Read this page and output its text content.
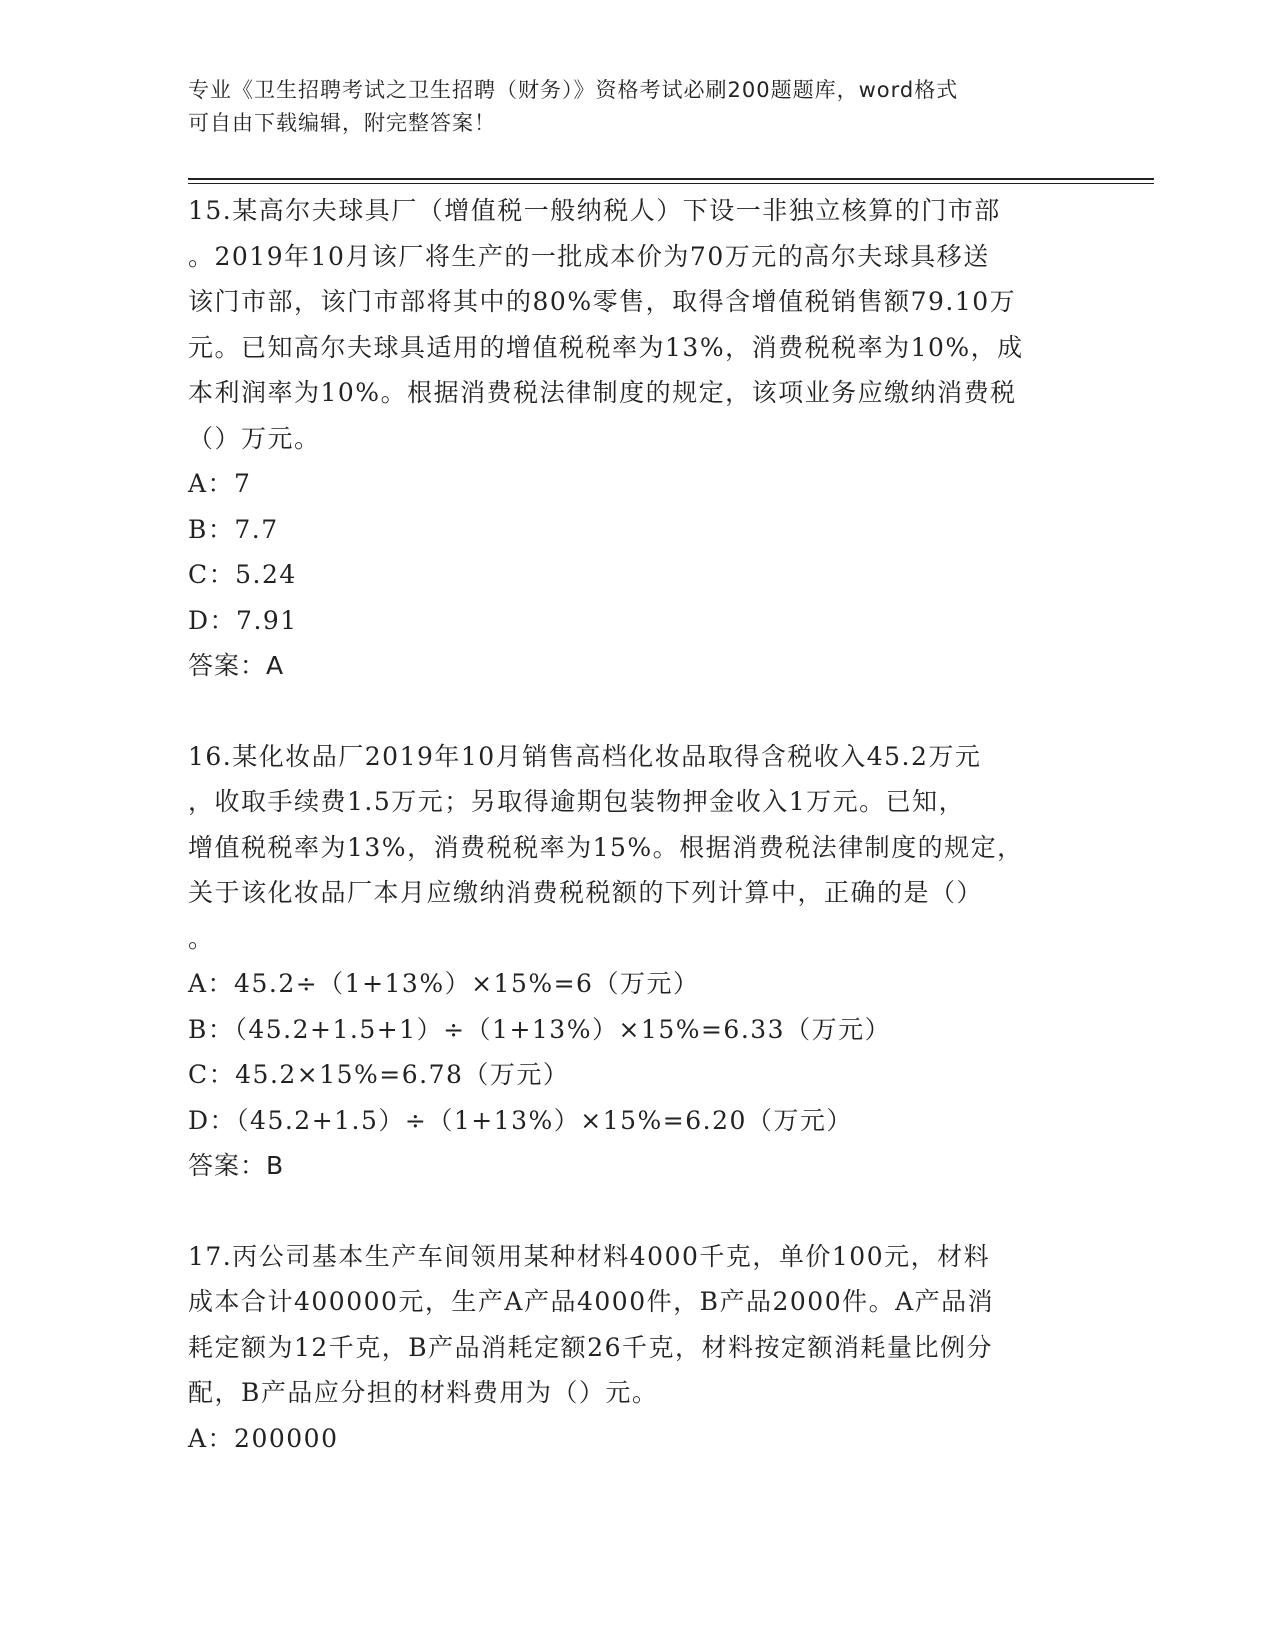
专业《卫生招聘考试之卫生招聘（财务）》资格考试必刷200题题库，word格式
可自由下载编辑，附完整答案！
15.某高尔夫球具厂（增值税一般纳税人）下设一非独立核算的门市部
。2019年10月该厂将生产的一批成本价为70万元的高尔夫球具移送
该门市部，该门市部将其中的80%零售，取得含增值税销售额79.10万
元。已知高尔夫球具适用的增值税税率为13%，消费税税率为10%，成
本利润率为10%。根据消费税法律制度的规定，该项业务应缴纳消费税
（）万元。
A：7
B：7.7
C：5.24
D：7.91
答案：A
16.某化妆品厂2019年10月销售高档化妆品取得含税收入45.2万元
，收取手续费1.5万元；另取得逾期包装物押金收入1万元。已知，
增值税税率为13%，消费税税率为15%。根据消费税法律制度的规定，
关于该化妆品厂本月应缴纳消费税税额的下列计算中，正确的是（）
。
A：45.2÷（1+13%）×15%=6（万元）
B：（45.2+1.5+1）÷（1+13%）×15%=6.33（万元）
C：45.2×15%=6.78（万元）
D：（45.2+1.5）÷（1+13%）×15%=6.20（万元）
答案：B
17.丙公司基本生产车间领用某种材料4000千克，单价100元，材料
成本合计400000元，生产A产品4000件，B产品2000件。A产品消
耗定额为12千克，B产品消耗定额26千克，材料按定额消耗量比例分
配，B产品应分担的材料费用为（）元。
A：200000
